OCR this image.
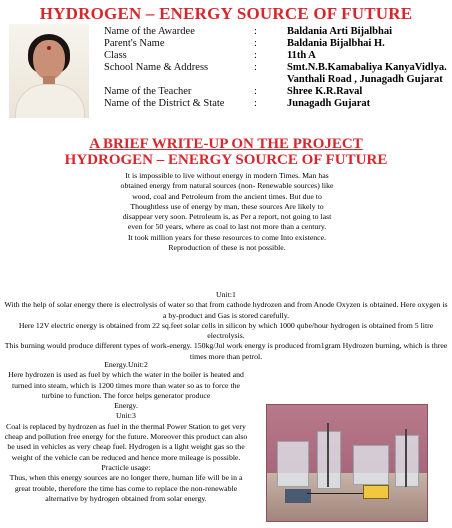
HYDROGEN – ENERGY SOURCE OF FUTURE
Name of the Awardee	:	Baldania Arti Bijalbhai
Parent's Name	:	Baldania Bijalbhai H.
Class	:	11th A
School Name & Address	:	Smt.N.B.Kamabaliya KanyaVidlya.
Vanthali Road , Junagadh Gujarat
Name of the Teacher	:	Shree K.R.Raval
Name of the District & State	:	Junagadh Gujarat
A BRIEF WRITE-UP ON THE PROJECT
HYDROGEN – ENERGY SOURCE OF FUTURE

It is impossible to live without energy in modern Times. Man has obtained energy from natural sources (non- Renewable sources) like wood, coal and Petroleum from the ancient times. But due to Thoughtless use of energy by man, these sources Are likely to disappear very soon. Petroleum is, as Per a report, not going to last even for 50 years, where as coal to last not more than a century.

It took million years for these resources to come Into existence. Reproduction of these is not possible.

Unit:1

With the help of solar energy there is electrolysis of water so that from cathode hydrozen and from Anode Oxyzen is obtained. Here oxygen is a by-product and Gas is stored carefully.

Here 12V electric energy is obtained from 22 sq.feet solar cells in silicon by which 1000 qube/hour hydrogen is obtained from 5 litre electrolysis.

This burning would produce different types of work-energy. 150kg/Jul work energy is produced from1gram Hydrozen burning, which is three times more than petrol.

Energy.Unit:2

Here hydrozen is used as fuel by which the water in the boiler is heated and turned into steam, which is 1200 times more than water so as to force the turbine to function. The force helps generator produce

Energy.

Unit:3

Coal is replaced by hydrozen as fuel in the thermal Power Station to get very cheap and pollution free energy for the future. Moreover this product can also be used in vehicles as very cheap fuel. Hydrogen is a light weight gas so the weight of the vehicle can be reduced and hence more mileage is possible.

Practicle usage:

Thus, when this energy sources are no longer there, human life will be in a great trouble, therefore the time has come to replace the non-renewable alternative by hydrogen obtained from solar energy.
